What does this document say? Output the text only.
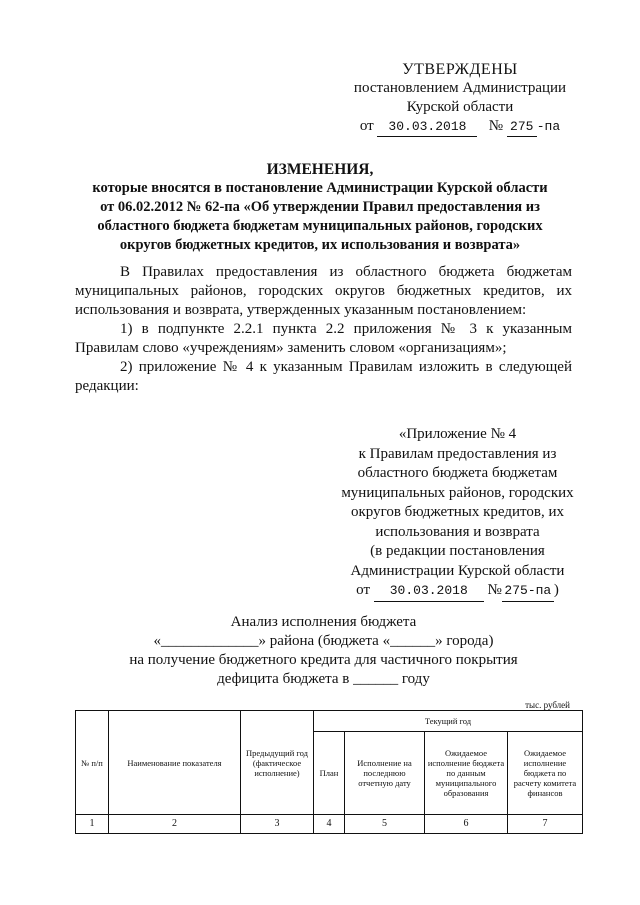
УТВЕРЖДЕНЫ
постановлением Администрации
Курской области
от 30.03.2018 № 275 -па
ИЗМЕНЕНИЯ,
которые вносятся в постановление Администрации Курской области
от 06.02.2012 № 62-па «Об утверждении Правил предоставления из
областного бюджета бюджетам муниципальных районов, городских
округов бюджетных кредитов, их использования и возврата»

В Правилах предоставления из областного бюджета бюджетам муниципальных районов, городских округов бюджетных кредитов, их использования и возврата, утвержденных указанным постановлением:

1) в подпункте 2.2.1 пункта 2.2 приложения № 3 к указанным Правилам слово «учреждениям» заменить словом «организациям»;

2) приложение № 4 к указанным Правилам изложить в следующей редакции:

«Приложение № 4
к Правилам предоставления из
областного бюджета бюджетам
муниципальных районов, городских
округов бюджетных кредитов, их
использования и возврата
(в редакции постановления
Администрации Курской области
от 30.03.2018 № 275-па )
Анализ исполнения бюджета
«_____________» района (бюджета «______» города)
на получение бюджетного кредита для частичного покрытия
дефицита бюджета в ______ году
тыс. рублей
№ п/п	Наименование показателя	Предыдущий год (фактическое исполнение)	Текущий год			
			План	Исполнение на последнюю отчетную дату	Ожидаемое исполнение бюджета по данным муниципального образования	Ожидаемое исполнение бюджета по расчету комитета финансов
1	2	3	4	5	6	7
